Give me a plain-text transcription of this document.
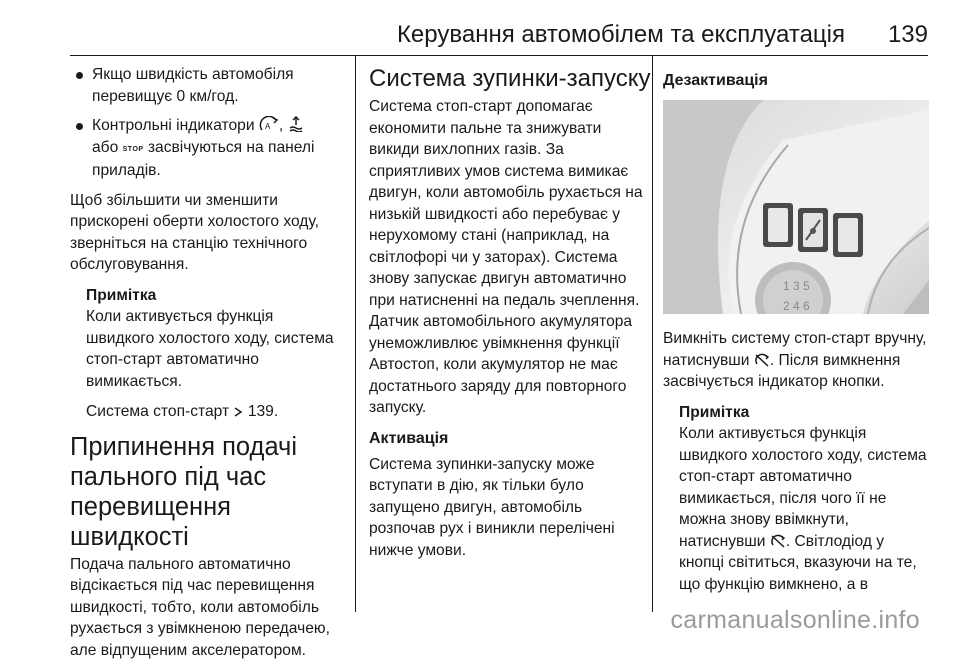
Керування автомобілем та експлуатація 139
Якщо швидкість автомобіля перевищує 0 км/год.
Контрольні індикатори A ,
або STOP засвічуються на панелі приладів.

Щоб збільшити чи зменшити прискорені оберти холостого ходу, зверніться на станцію технічного обслуговування.

Примітка
Коли активується функція швидкого холостого ходу, система стоп-старт автоматично вимикається.

Система стоп-старт 139.

Припинення подачі пального під час перевищення швидкості

Подача пального автоматично відсікається під час перевищення швидкості, тобто, коли автомобіль рухається з увімкненою передачею, але відпущеним акселератором.

Система зупинки-запуску

Система стоп-старт допомагає економити пальне та знижувати викиди вихлопних газів. За сприятливих умов система вимикає двигун, коли автомобіль рухається на низькій швидкості або перебуває у нерухомому стані (наприклад, на світлофорі чи у заторах). Система знову запускає двигун автоматично при натисненні на педаль зчеплення. Датчик автомобільного акумулятора унеможливлює увімкнення функції Автостоп, коли акумулятор не має достатнього заряду для повторного запуску.

Активація

Система зупинки-запуску може вступати в дію, як тільки було запущено двигун, автомобіль розпочав рух і виникли перелічені нижче умови.

Дезактивація
1 3 5
2 4 6

Вимкніть систему стоп-старт вручну, натиснувши . Після вимкнення засвічується індикатор кнопки.

Примітка
Коли активується функція швидкого холостого ходу, система стоп-старт автоматично вимикається, після чого її не можна знову ввімкнути, натиснувши . Світлодіод у кнопці світиться, вказуючи на те, що функцію вимкнено, а в
carmanualsonline.info
